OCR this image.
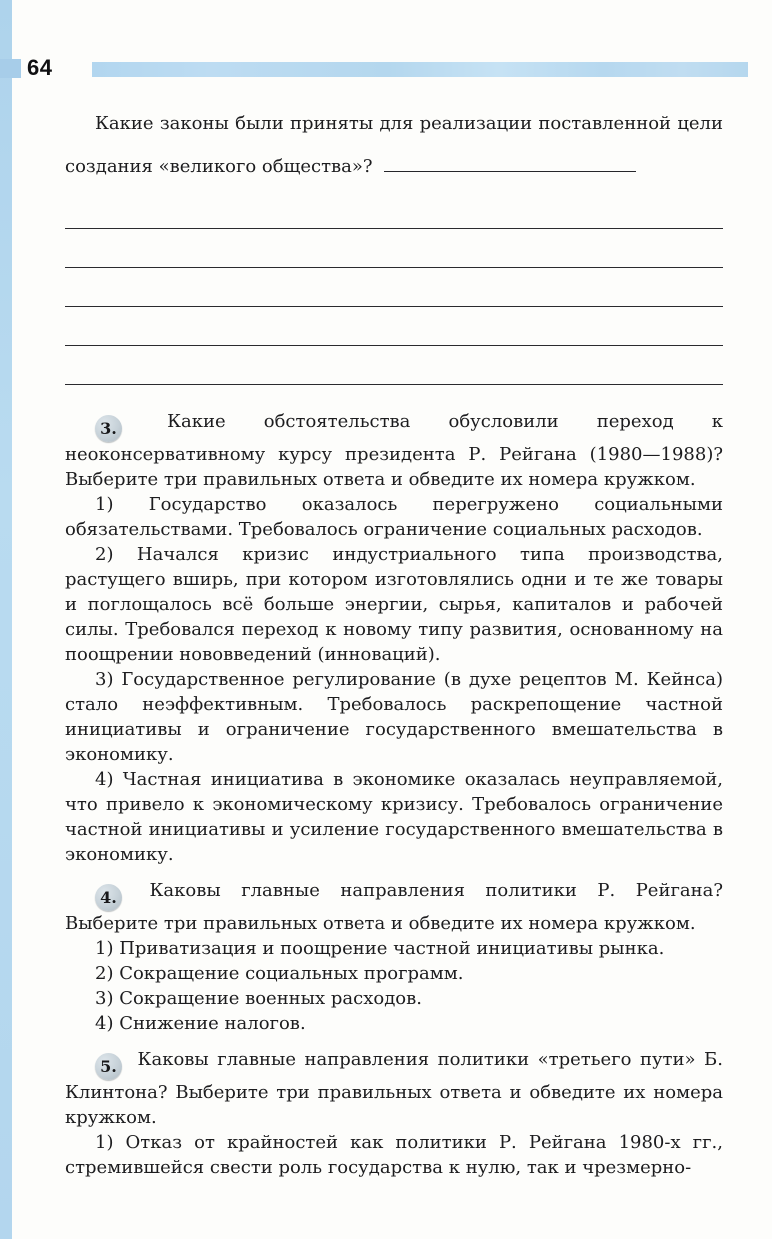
64

Какие законы были приняты для реализации поставленной цели создания «великого общества»?

3.	Какие обстоятельства обусловили переход к неоконсервативному курсу президента Р. Рейгана (1980—1988)? Выберите три правильных ответа и обведите их номера кружком.

1) Государство оказалось перегружено социальными обязательствами. Требовалось ограничение социальных расходов.

2) Начался кризис индустриального типа производства, растущего вширь, при котором изготовлялись одни и те же товары и поглощалось всё больше энергии, сырья, капиталов и рабочей силы. Требовался переход к новому типу развития, основанному на поощрении нововведений (инноваций).

3) Государственное регулирование (в духе рецептов М. Кейнса) стало неэффективным. Требовалось раскрепощение частной инициативы и ограничение государственного вмешательства в экономику.

4) Частная инициатива в экономике оказалась неуправляемой, что привело к экономическому кризису. Требовалось ограничение частной инициативы и усиление государственного вмешательства в экономику.

4. Каковы главные направления политики Р. Рейгана? Выберите три правильных ответа и обведите их номера кружком.

1) Приватизация и поощрение частной инициативы рынка.

2) Сокращение социальных программ.

3) Сокращение военных расходов.

4) Снижение налогов.

5. Каковы главные направления политики «третьего пути» Б. Клинтона? Выберите три правильных ответа и обведите их номера кружком.

1) Отказ от крайностей как политики Р. Рейгана 1980-х гг., стремившейся свести роль государства к нулю, так и чрезмерно-
